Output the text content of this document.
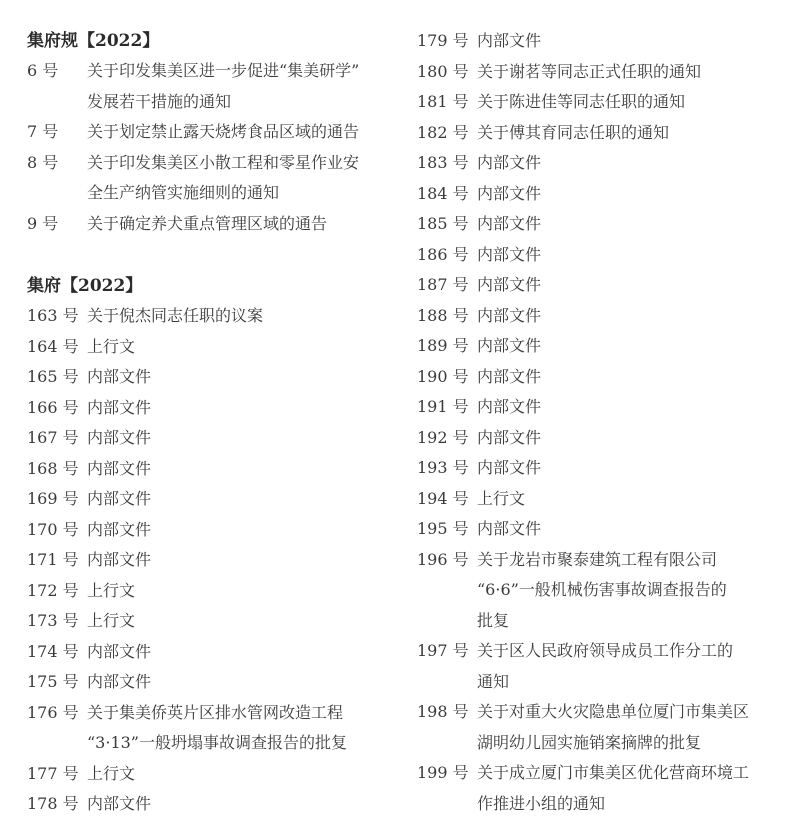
集府规【2022】
6 号	关于印发集美区进一步促进“集美研学”
发展若干措施的通知
7 号	关于划定禁止露天烧烤食品区域的通告
8 号	关于印发集美区小散工程和零星作业安
全生产纳管实施细则的通知
9 号	关于确定养犬重点管理区域的通告
集府【2022】
163 号 关于倪杰同志任职的议案
164 号 上行文
165 号 内部文件
166 号 内部文件
167 号 内部文件
168 号 内部文件
169 号 内部文件
170 号 内部文件
171 号 内部文件
172 号 上行文
173 号 上行文
174 号 内部文件
175 号 内部文件
176 号 关于集美侨英片区排水管网改造工程
“3·13”一般坍塌事故调查报告的批复
177 号 上行文
178 号 内部文件
179 号 内部文件
180 号 关于谢茗等同志正式任职的通知
181 号 关于陈进佳等同志任职的通知
182 号 关于傅其育同志任职的通知
183 号 内部文件
184 号 内部文件
185 号 内部文件
186 号 内部文件
187 号 内部文件
188 号 内部文件
189 号 内部文件
190 号 内部文件
191 号 内部文件
192 号 内部文件
193 号 内部文件
194 号 上行文
195 号 内部文件
196 号 关于龙岩市聚泰建筑工程有限公司
“6·6”一般机械伤害事故调查报告的
批复
197 号 关于区人民政府领导成员工作分工的
通知
198 号 关于对重大火灾隐患单位厦门市集美区
湖明幼儿园实施销案摘牌的批复
199 号 关于成立厦门市集美区优化营商环境工
作推进小组的通知
